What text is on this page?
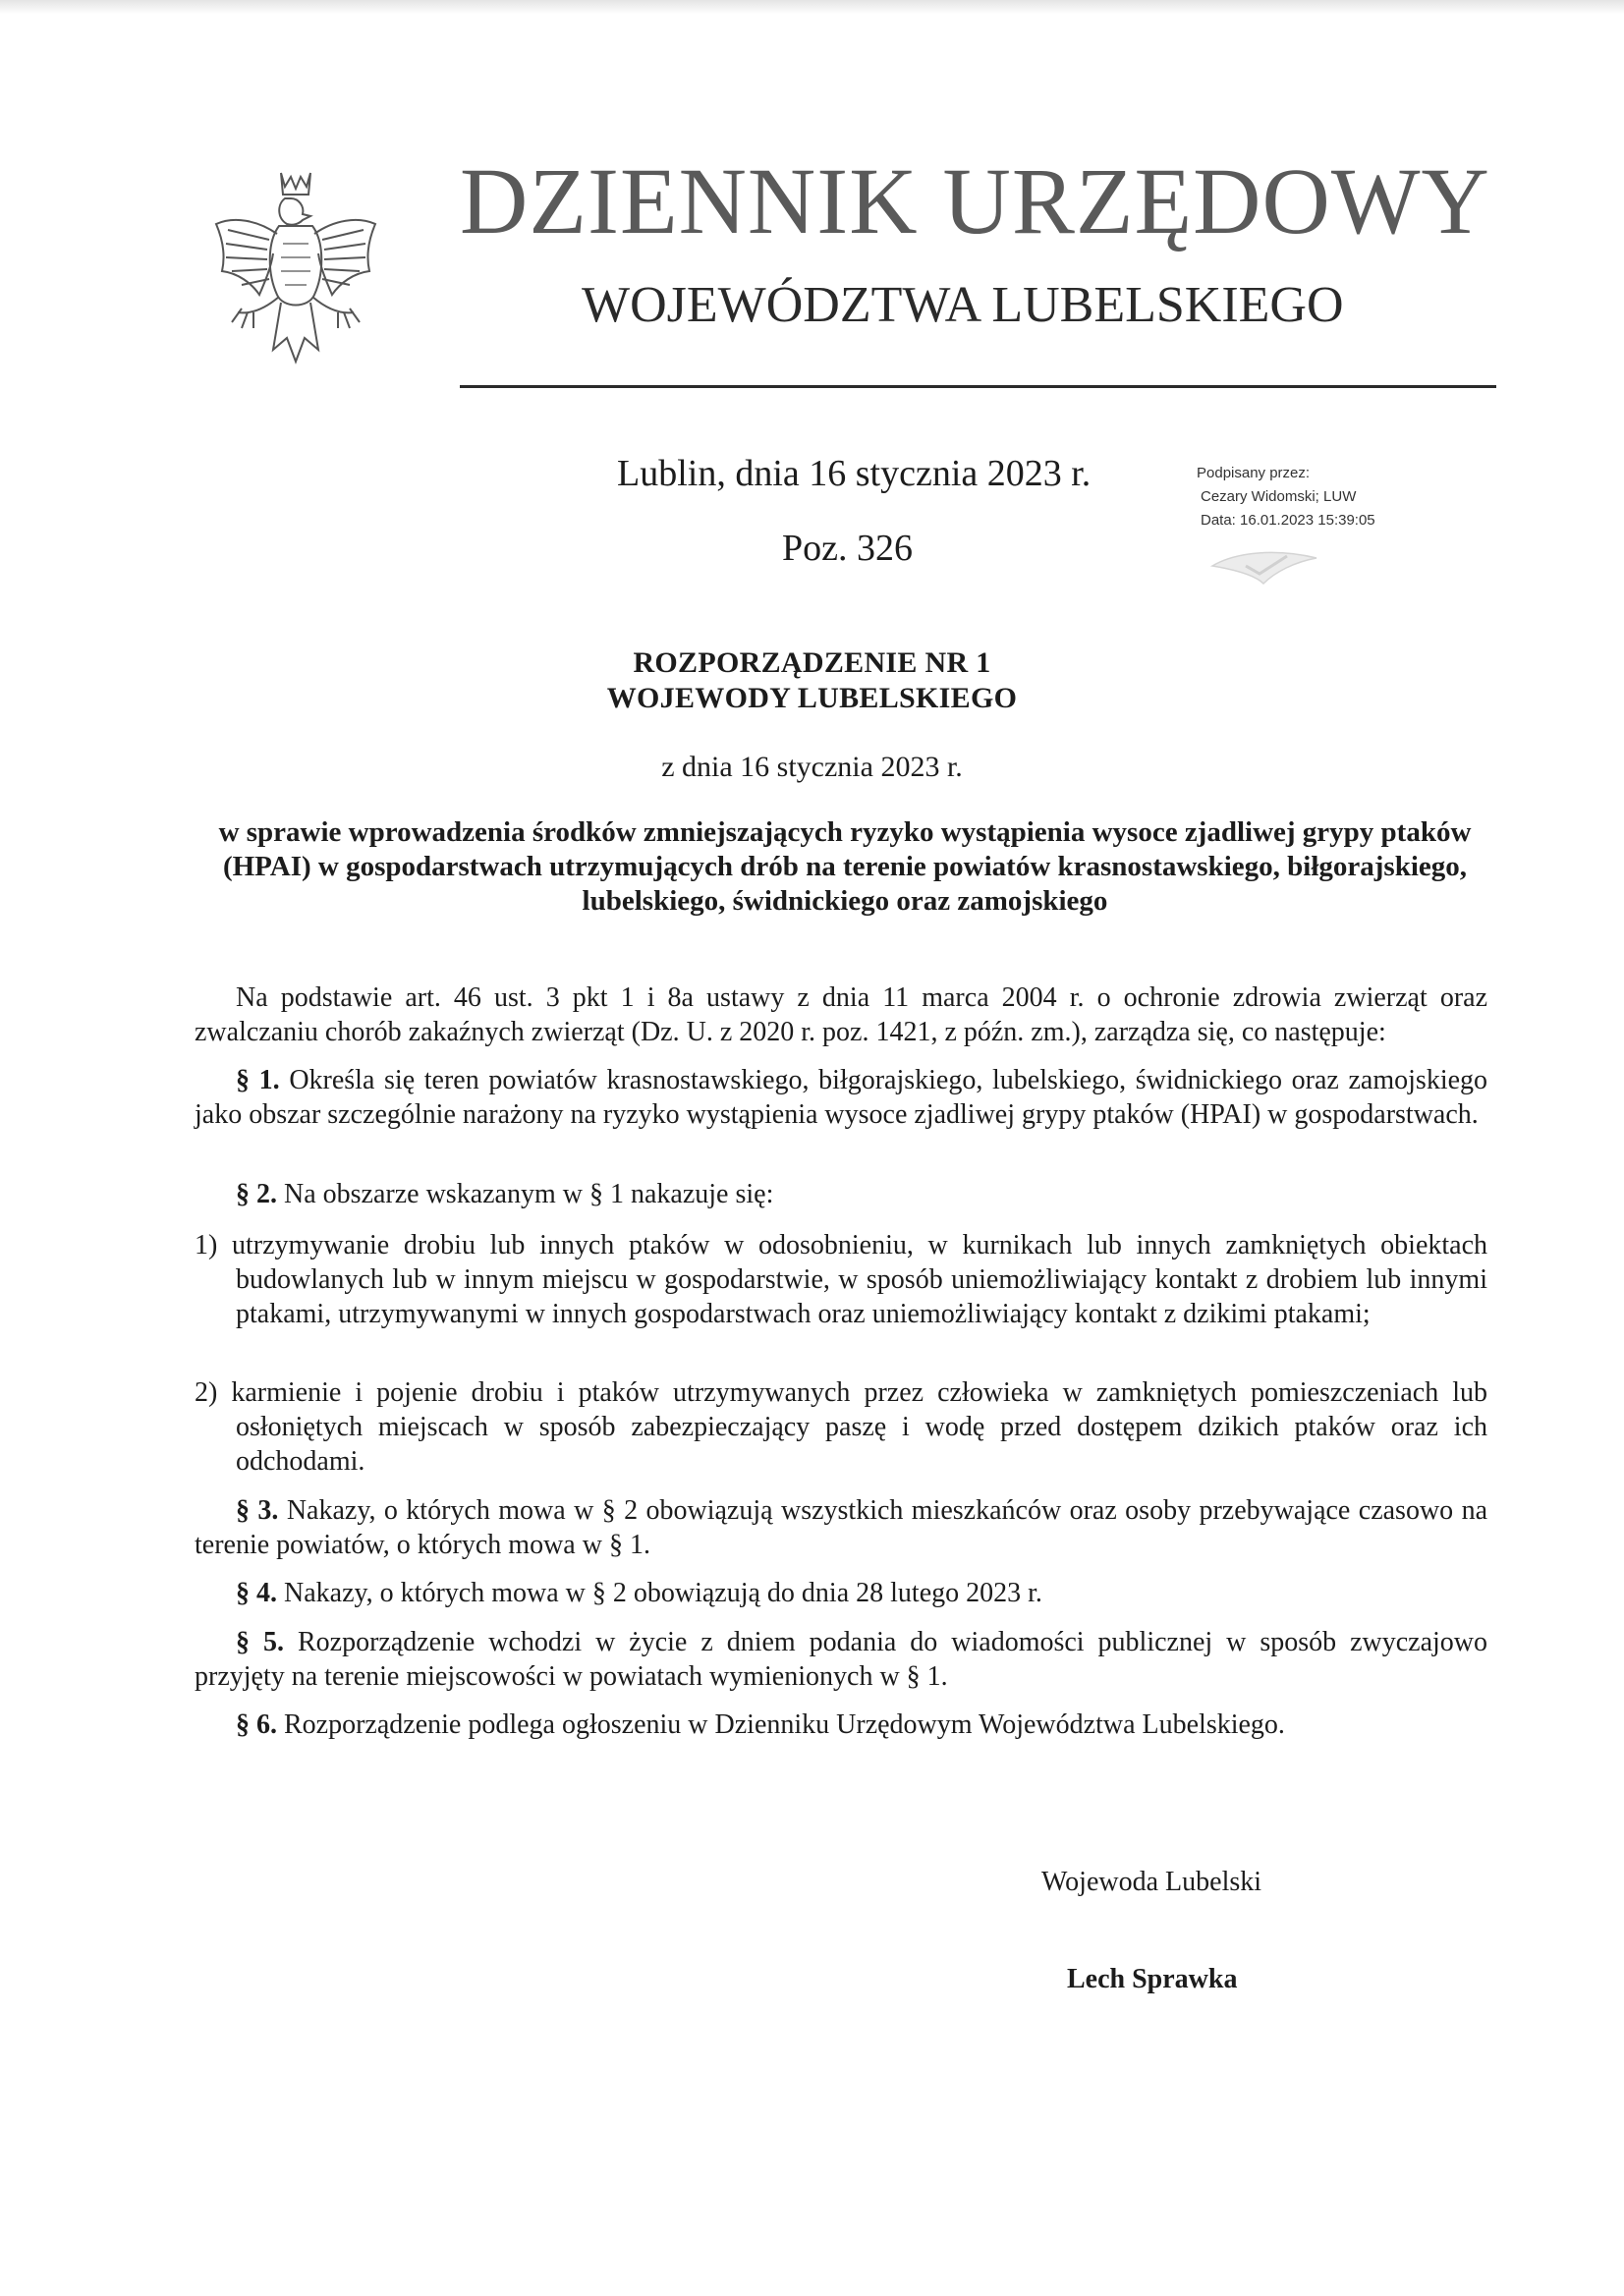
DZIENNIK URZĘDOWY
WOJEWÓDZTWA LUBELSKIEGO
Lublin, dnia 16 stycznia 2023 r.
Poz. 326
Podpisany przez:
Cezary Widomski; LUW
Data: 16.01.2023 15:39:05
ROZPORZĄDZENIE NR 1
WOJEWODY LUBELSKIEGO
z dnia 16 stycznia 2023 r.
w sprawie wprowadzenia środków zmniejszających ryzyko wystąpienia wysoce zjadliwej grypy ptaków (HPAI) w gospodarstwach utrzymujących drób na terenie powiatów krasnostawskiego, biłgorajskiego, lubelskiego, świdnickiego oraz zamojskiego
Na podstawie art. 46 ust. 3 pkt 1 i 8a ustawy z dnia 11 marca 2004 r. o ochronie zdrowia zwierząt oraz zwalczaniu chorób zakaźnych zwierząt (Dz. U. z 2020 r. poz. 1421, z późn. zm.), zarządza się, co następuje:
§ 1. Określa się teren powiatów krasnostawskiego, biłgorajskiego, lubelskiego, świdnickiego oraz zamojskiego jako obszar szczególnie narażony na ryzyko wystąpienia wysoce zjadliwej grypy ptaków (HPAI) w gospodarstwach.
§ 2. Na obszarze wskazanym w § 1 nakazuje się:
1) utrzymywanie drobiu lub innych ptaków w odosobnieniu, w kurnikach lub innych zamkniętych obiektach budowlanych lub w innym miejscu w gospodarstwie, w sposób uniemożliwiający kontakt z drobiem lub innymi ptakami, utrzymywanymi w innych gospodarstwach oraz uniemożliwiający kontakt z dzikimi ptakami;
2) karmienie i pojenie drobiu i ptaków utrzymywanych przez człowieka w zamkniętych pomieszczeniach lub osłoniętych miejscach w sposób zabezpieczający paszę i wodę przed dostępem dzikich ptaków oraz ich odchodami.
§ 3. Nakazy, o których mowa w § 2 obowiązują wszystkich mieszkańców oraz osoby przebywające czasowo na terenie powiatów, o których mowa w § 1.
§ 4. Nakazy, o których mowa w § 2 obowiązują do dnia 28 lutego 2023 r.
§ 5. Rozporządzenie wchodzi w życie z dniem podania do wiadomości publicznej w sposób zwyczajowo przyjęty na terenie miejscowości w powiatach wymienionych w § 1.
§ 6. Rozporządzenie podlega ogłoszeniu w Dzienniku Urzędowym Województwa Lubelskiego.
Wojewoda Lubelski
Lech Sprawka
